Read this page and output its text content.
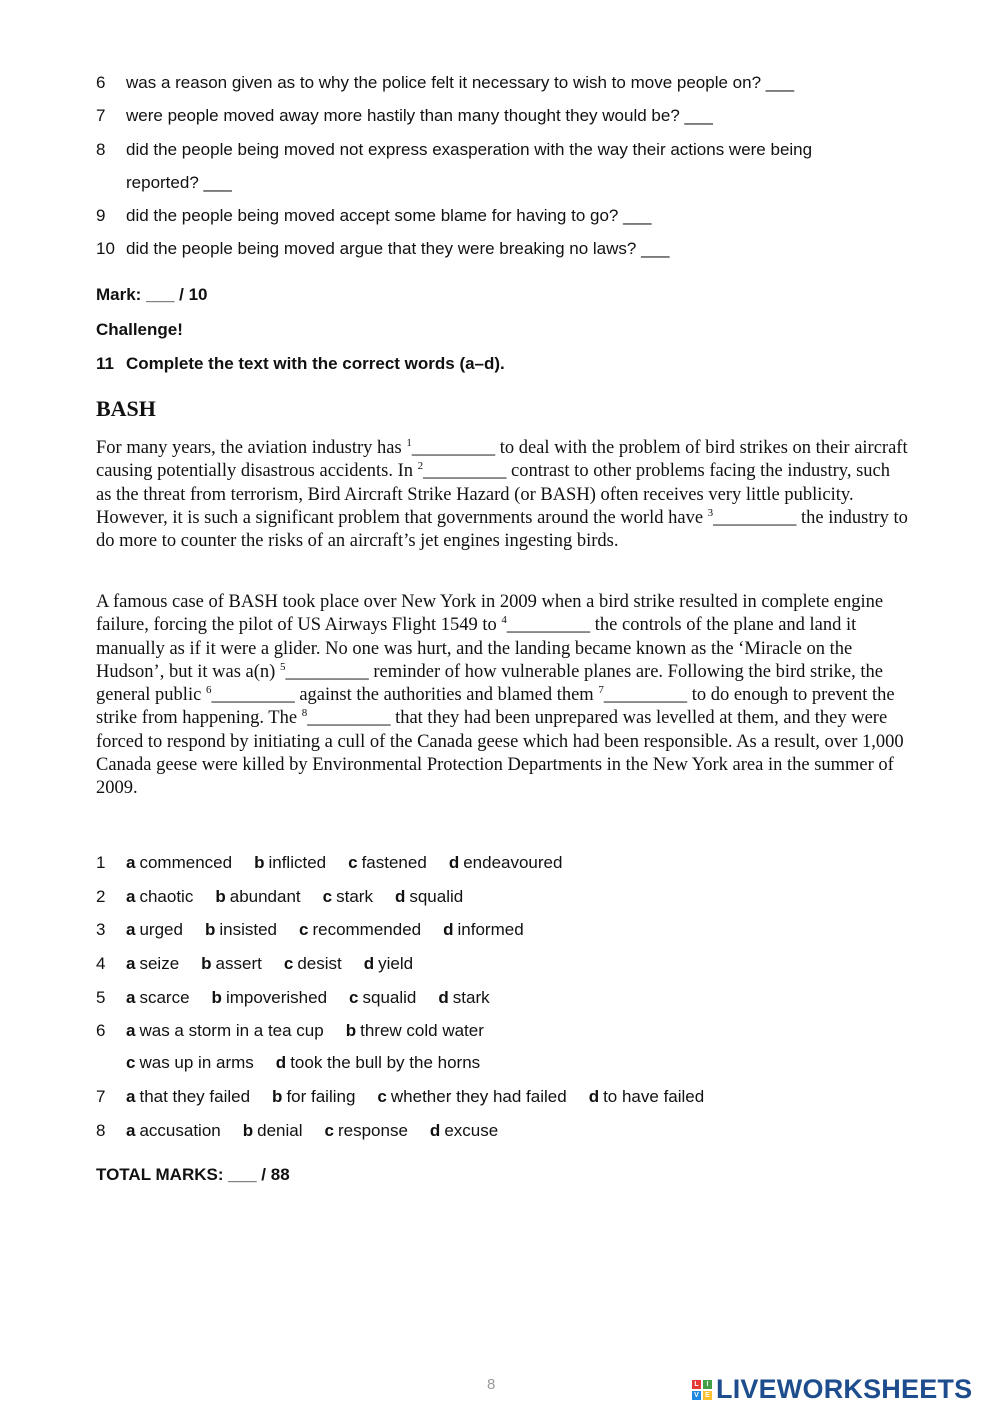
6 was a reason given as to why the police felt it necessary to wish to move people on? ___
7 were people moved away more hastily than many thought they would be? ___
8 did the people being moved not express exasperation with the way their actions were being
reported? ___
9 did the people being moved accept some blame for having to go? ___
10 did the people being moved argue that they were breaking no laws? ___
Mark: ___ / 10
Challenge!
11 Complete the text with the correct words (a–d).
BASH
For many years, the aviation industry has $^1$_________ to deal with the problem of bird strikes on their aircraft causing potentially disastrous accidents. In $^2$_________ contrast to other problems facing the industry, such as the threat from terrorism, Bird Aircraft Strike Hazard (or BASH) often receives very little publicity. However, it is such a significant problem that governments around the world have $^3$_________ the industry to do more to counter the risks of an aircraft’s jet engines ingesting birds.
A famous case of BASH took place over New York in 2009 when a bird strike resulted in complete engine failure, forcing the pilot of US Airways Flight 1549 to $^4$_________ the controls of the plane and land it manually as if it were a glider. No one was hurt, and the landing became known as the ‘Miracle on the Hudson’, but it was a(n) $^5$_________ reminder of how vulnerable planes are. Following the bird strike, the general public $^6$_________ against the authorities and blamed them $^7$_________ to do enough to prevent the strike from happening. The $^8$_________ that they had been unprepared was levelled at them, and they were forced to respond by initiating a cull of the Canada geese which had been responsible. As a result, over 1,000 Canada geese were killed by Environmental Protection Departments in the New York area in the summer of 2009.
1 a commenced b inflicted c fastened d endeavoured
2 a chaotic b abundant c stark d squalid
3 a urged b insisted c recommended d informed
4 a seize b assert c desist d yield
5 a scarce b impoverished c squalid d stark
6 a was a storm in a tea cup b threw cold water
c was up in arms d took the bull by the horns
7 a that they failed b for failing c whether they had failed d to have failed
8 a accusation b denial c response d excuse
TOTAL MARKS: ___ / 88
8	L	I
V E LIVEWORKSHEETS
